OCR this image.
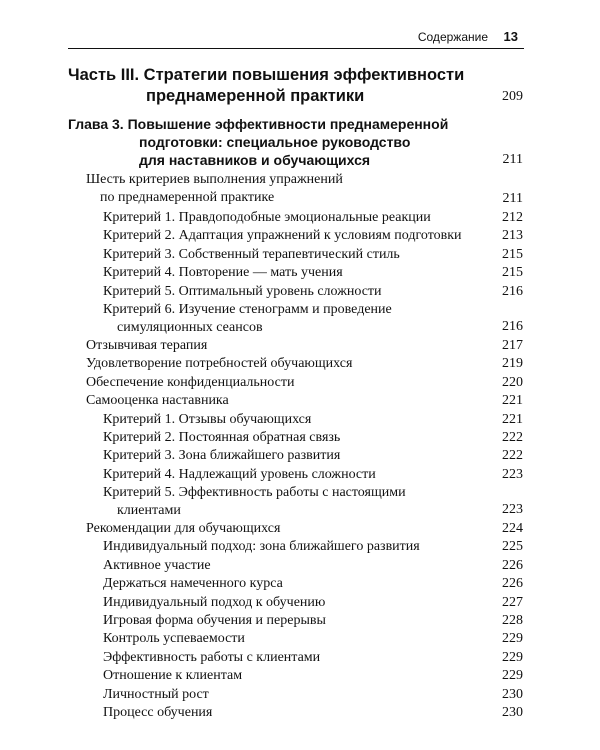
Содержание 13
Часть III. Стратегии повышения эффективности
преднамеренной практики	209
Глава 3. Повышение эффективности преднамеренной
подготовки: специальное руководство
для наставников и обучающихся	211
Шесть критериев выполнения упражнений
по преднамеренной практике	211
Критерий 1. Правдоподобные эмоциональные реакции	212
Критерий 2. Адаптация упражнений к условиям подготовки	213
Критерий 3. Собственный терапевтический стиль	215
Критерий 4. Повторение — мать учения	215
Критерий 5. Оптимальный уровень сложности	216
Критерий 6. Изучение стенограмм и проведение
симуляционных сеансов	216
Отзывчивая терапия	217
Удовлетворение потребностей обучающихся	219
Обеспечение конфиденциальности	220
Самооценка наставника	221
Критерий 1. Отзывы обучающихся	221
Критерий 2. Постоянная обратная связь	222
Критерий 3. Зона ближайшего развития	222
Критерий 4. Надлежащий уровень сложности	223
Критерий 5. Эффективность работы с настоящими
клиентами	223
Рекомендации для обучающихся	224
Индивидуальный подход: зона ближайшего развития	225
Активное участие	226
Держаться намеченного курса	226
Индивидуальный подход к обучению	227
Игровая форма обучения и перерывы	228
Контроль успеваемости	229
Эффективность работы с клиентами	229
Отношение к клиентам	229
Личностный рост	230
Процесс обучения	230
